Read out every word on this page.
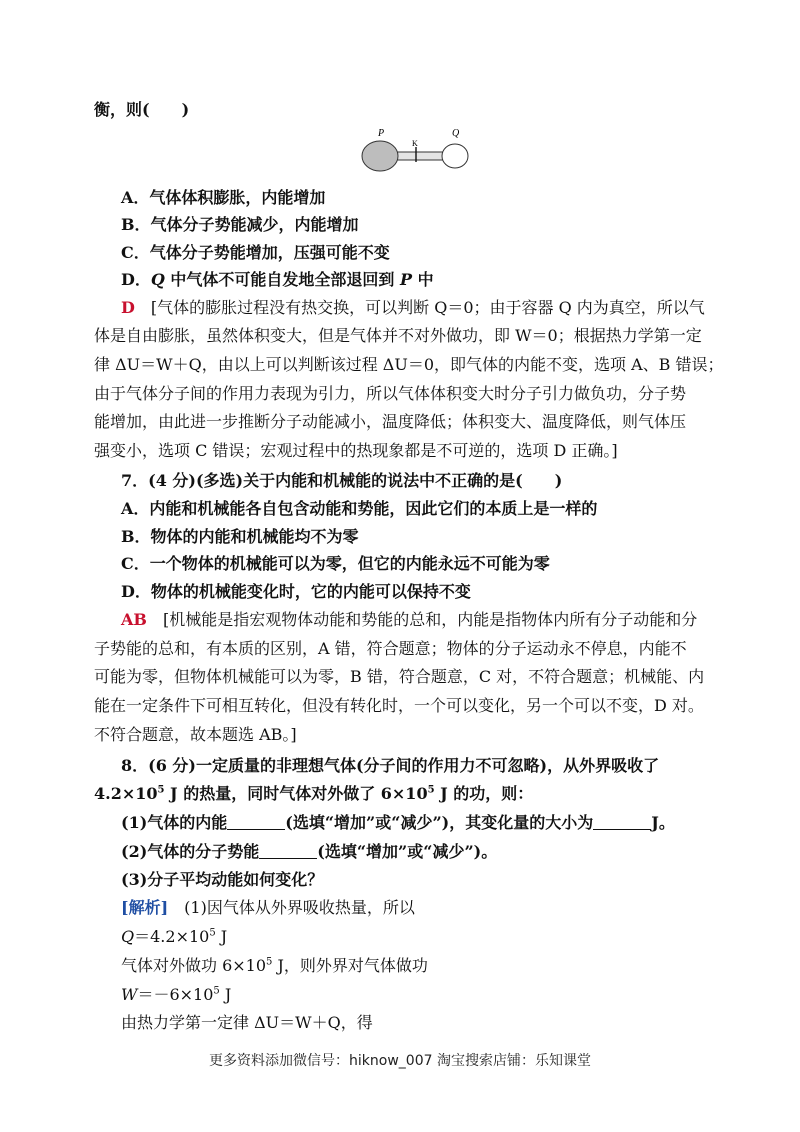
衡，则(　　)
P
K
Q
A．气体体积膨胀，内能增加
B．气体分子势能减少，内能增加
C．气体分子势能增加，压强可能不变
D．Q 中气体不可能自发地全部退回到 P 中
D　 [气体的膨胀过程没有热交换，可以判断 Q＝0；由于容器 Q 内为真空，所以气
体是自由膨胀，虽然体积变大，但是气体并不对外做功，即 W＝0；根据热力学第一定
律 ΔU＝W＋Q，由以上可以判断该过程 ΔU＝0，即气体的内能不变，选项 A、B 错误；
由于气体分子间的作用力表现为引力，所以气体体积变大时分子引力做负功，分子势
能增加，由此进一步推断分子动能减小，温度降低；体积变大、温度降低，则气体压
强变小，选项 C 错误；宏观过程中的热现象都是不可逆的，选项 D 正确。]
7．(4 分)(多选)关于内能和机械能的说法中不正确的是(　　)
A．内能和机械能各自包含动能和势能，因此它们的本质上是一样的
B．物体的内能和机械能均不为零
C．一个物体的机械能可以为零，但它的内能永远不可能为零
D．物体的机械能变化时，它的内能可以保持不变
AB　 [机械能是指宏观物体动能和势能的总和，内能是指物体内所有分子动能和分
子势能的总和，有本质的区别，A 错，符合题意；物体的分子运动永不停息，内能不
可能为零，但物体机械能可以为零，B 错，符合题意，C 对，不符合题意；机械能、内
能在一定条件下可相互转化，但没有转化时，一个可以变化，另一个可以不变，D 对。
不符合题意，故本题选 AB。]
8．(6 分)一定质量的非理想气体(分子间的作用力不可忽略)，从外界吸收了
$4.2\times 10^5$ J 的热量，同时气体对外做了 $6\times 10^5$ J 的功，则：
(1)气体的内能	(选填“增加”或“减少”)，其变化量的大小为	J。
(2)气体的分子势能	(选填“增加”或“减少”)。
(3)分子平均动能如何变化？
[解析]　(1)因气体从外界吸收热量，所以
$Q=4.2\times 10^5$ J
气体对外做功 $6\times 10^5$ J，则外界对气体做功
$W=-6\times 10^5$ J
由热力学第一定律 ΔU＝W＋Q，得
更多资料添加微信号：hiknow_007 淘宝搜索店铺：乐知课堂
